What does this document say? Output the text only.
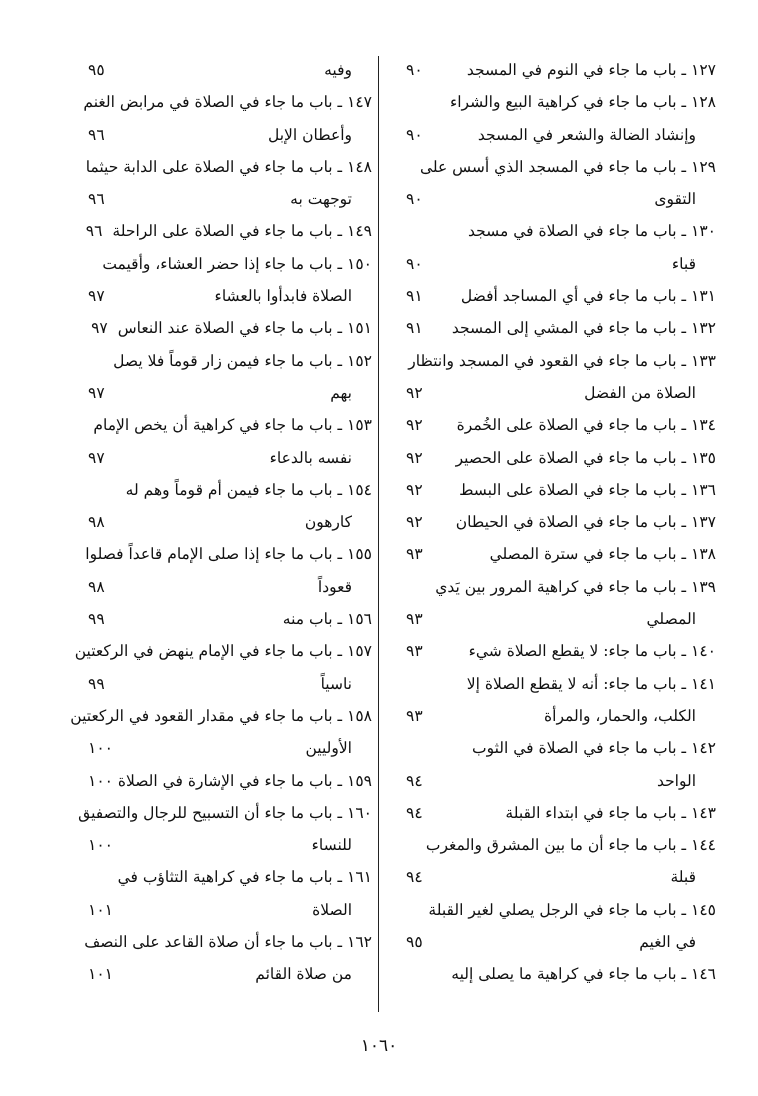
١٢٧ ـ باب ما جاء في النوم في المسجد
٩٠
١٢٨ ـ باب ما جاء في كراهية البيع والشراء
وإنشاد الضالة والشعر في المسجد
٩٠
١٢٩ ـ باب ما جاء في المسجد الذي أسس على
التقوى
٩٠
١٣٠ ـ باب ما جاء في الصلاة في مسجد
قباء
٩٠
١٣١ ـ باب ما جاء في أي المساجد أفضل
٩١
١٣٢ ـ باب ما جاء في المشي إلى المسجد
٩١
١٣٣ ـ باب ما جاء في القعود في المسجد وانتظار
الصلاة من الفضل
٩٢
١٣٤ ـ باب ما جاء في الصلاة على الخُمرة
٩٢
١٣٥ ـ باب ما جاء في الصلاة على الحصير
٩٢
١٣٦ ـ باب ما جاء في الصلاة على البسط
٩٢
١٣٧ ـ باب ما جاء في الصلاة في الحيطان
٩٢
١٣٨ ـ باب ما جاء في سترة المصلي
٩٣
١٣٩ ـ باب ما جاء في كراهية المرور بين يَدي
المصلي
٩٣
١٤٠ ـ باب ما جاء: لا يقطع الصلاة شيء
٩٣
١٤١ ـ باب ما جاء: أنه لا يقطع الصلاة إلا
الكلب، والحمار، والمرأة
٩٣
١٤٢ ـ باب ما جاء في الصلاة في الثوب
الواحد
٩٤
١٤٣ ـ باب ما جاء في ابتداء القبلة
٩٤
١٤٤ ـ باب ما جاء أن ما بين المشرق والمغرب
قبلة
٩٤
١٤٥ ـ باب ما جاء في الرجل يصلي لغير القبلة
في الغيم
٩٥
١٤٦ ـ باب ما جاء في كراهية ما يصلى إليه
وفيه
٩٥
١٤٧ ـ باب ما جاء في الصلاة في مرابض الغنم
وأعطان الإبل
٩٦
١٤٨ ـ باب ما جاء في الصلاة على الدابة حيثما
توجهت به
٩٦
١٤٩ ـ باب ما جاء في الصلاة على الراحلة٩٦
١٥٠ ـ باب ما جاء إذا حضر العشاء، وأقيمت
الصلاة فابدأوا بالعشاء
٩٧
١٥١ ـ باب ما جاء في الصلاة عند النعاس٩٧
١٥٢ ـ باب ما جاء فيمن زار قوماً فلا يصل
بهم
٩٧
١٥٣ ـ باب ما جاء في كراهية أن يخص الإمام
نفسه بالدعاء
٩٧
١٥٤ ـ باب ما جاء فيمن أم قوماً وهم له
كارهون
٩٨
١٥٥ ـ باب ما جاء إذا صلى الإمام قاعداً فصلوا
قعوداً
٩٨
١٥٦ ـ باب منه
٩٩
١٥٧ ـ باب ما جاء في الإمام ينهض في الركعتين
ناسياً
٩٩
١٥٨ ـ باب ما جاء في مقدار القعود في الركعتين
الأوليين
١٠٠
١٥٩ ـ باب ما جاء في الإشارة في الصلاة
١٠٠
١٦٠ ـ باب ما جاء أن التسبيح للرجال والتصفيق
للنساء
١٠٠
١٦١ ـ باب ما جاء في كراهية التثاؤب في
الصلاة
١٠١
١٦٢ ـ باب ما جاء أن صلاة القاعد على النصف
من صلاة القائم
١٠١
١٠٦٠
